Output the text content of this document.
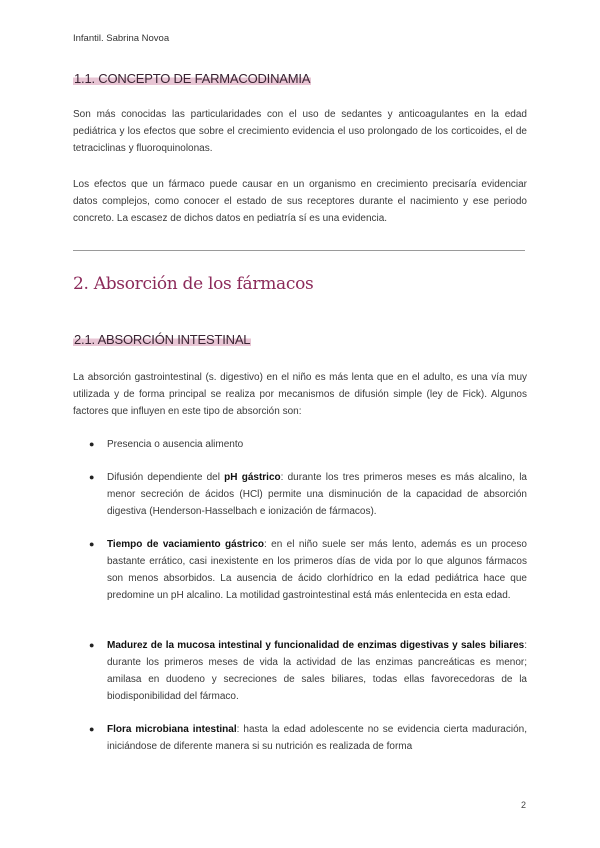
Infantil. Sabrina Novoa
1.1. CONCEPTO DE FARMACODINAMIA

Son más conocidas las particularidades con el uso de sedantes y anticoagulantes en la edad pediátrica y los efectos que sobre el crecimiento evidencia el uso prolongado de los corticoides, el de tetraciclinas y fluoroquinolonas.

Los efectos que un fármaco puede causar en un organismo en crecimiento precisaría evidenciar datos complejos, como conocer el estado de sus receptores durante el nacimiento y ese periodo concreto. La escasez de dichos datos en pediatría sí es una evidencia.

2. Absorción de los fármacos
2.1. ABSORCIÓN INTESTINAL

La absorción gastrointestinal (s. digestivo) en el niño es más lenta que en el adulto, es una vía muy utilizada y de forma principal se realiza por mecanismos de difusión simple (ley de Fick). Algunos factores que influyen en este tipo de absorción son:

● Presencia o ausencia alimento
● Difusión dependiente del pH gástrico: durante los tres primeros meses es más alcalino, la menor secreción de ácidos (HCl) permite una disminución de la capacidad de absorción digestiva (Henderson-Hasselbach e ionización de fármacos).
● Tiempo de vaciamiento gástrico: en el niño suele ser más lento, además es un proceso bastante errático, casi inexistente en los primeros días de vida por lo que algunos fármacos son menos absorbidos. La ausencia de ácido clorhídrico en la edad pediátrica hace que predomine un pH alcalino. La motilidad gastrointestinal está más enlentecida en esta edad.
● Madurez de la mucosa intestinal y funcionalidad de enzimas digestivas y sales biliares: durante los primeros meses de vida la actividad de las enzimas pancreáticas es menor; amilasa en duodeno y secreciones de sales biliares, todas ellas favorecedoras de la biodisponibilidad del fármaco.
● Flora microbiana intestinal: hasta la edad adolescente no se evidencia cierta maduración, iniciándose de diferente manera si su nutrición es realizada de forma
2
